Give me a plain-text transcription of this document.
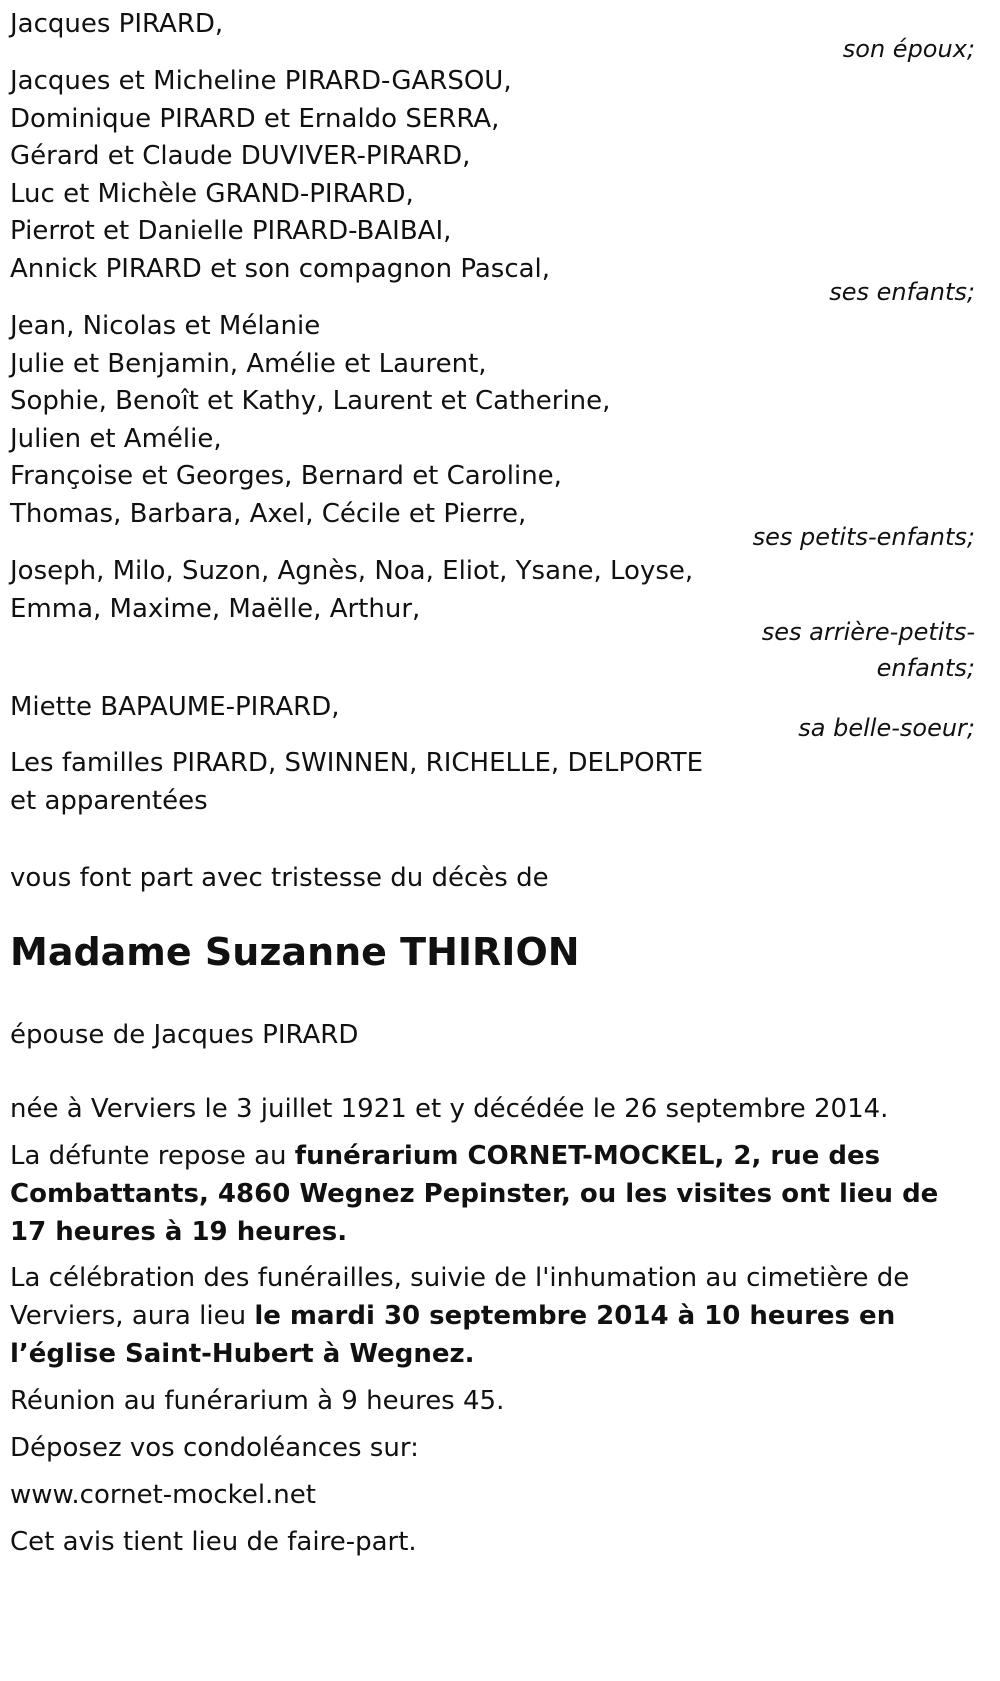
Jacques PIRARD,
son époux;
Jacques et Micheline PIRARD-GARSOU,
Dominique PIRARD et Ernaldo SERRA,
Gérard et Claude DUVIVER-PIRARD,
Luc et Michèle GRAND-PIRARD,
Pierrot et Danielle PIRARD-BAIBAI,
Annick PIRARD et son compagnon Pascal,
ses enfants;
Jean, Nicolas et Mélanie
Julie et Benjamin, Amélie et Laurent,
Sophie, Benoît et Kathy, Laurent et Catherine,
Julien et Amélie,
Françoise et Georges, Bernard et Caroline,
Thomas, Barbara, Axel, Cécile et Pierre,
ses petits-enfants;
Joseph, Milo, Suzon, Agnès, Noa, Eliot, Ysane, Loyse,
Emma, Maxime, Maëlle, Arthur,
ses arrière-petits-
enfants;
Miette BAPAUME-PIRARD,
sa belle-soeur;
Les familles PIRARD, SWINNEN, RICHELLE, DELPORTE
et apparentées
vous font part avec tristesse du décès de
Madame Suzanne THIRION
épouse de Jacques PIRARD
née à Verviers le 3 juillet 1921 et y décédée le 26 septembre 2014.
La défunte repose au funérarium CORNET-MOCKEL, 2, rue des Combattants, 4860 Wegnez Pepinster, ou les visites ont lieu de 17 heures à 19 heures.
La célébration des funérailles, suivie de l'inhumation au cimetière de Verviers, aura lieu le mardi 30 septembre 2014 à 10 heures en l’église Saint-Hubert à Wegnez.
Réunion au funérarium à 9 heures 45.
Déposez vos condoléances sur:
www.cornet-mockel.net
Cet avis tient lieu de faire-part.
